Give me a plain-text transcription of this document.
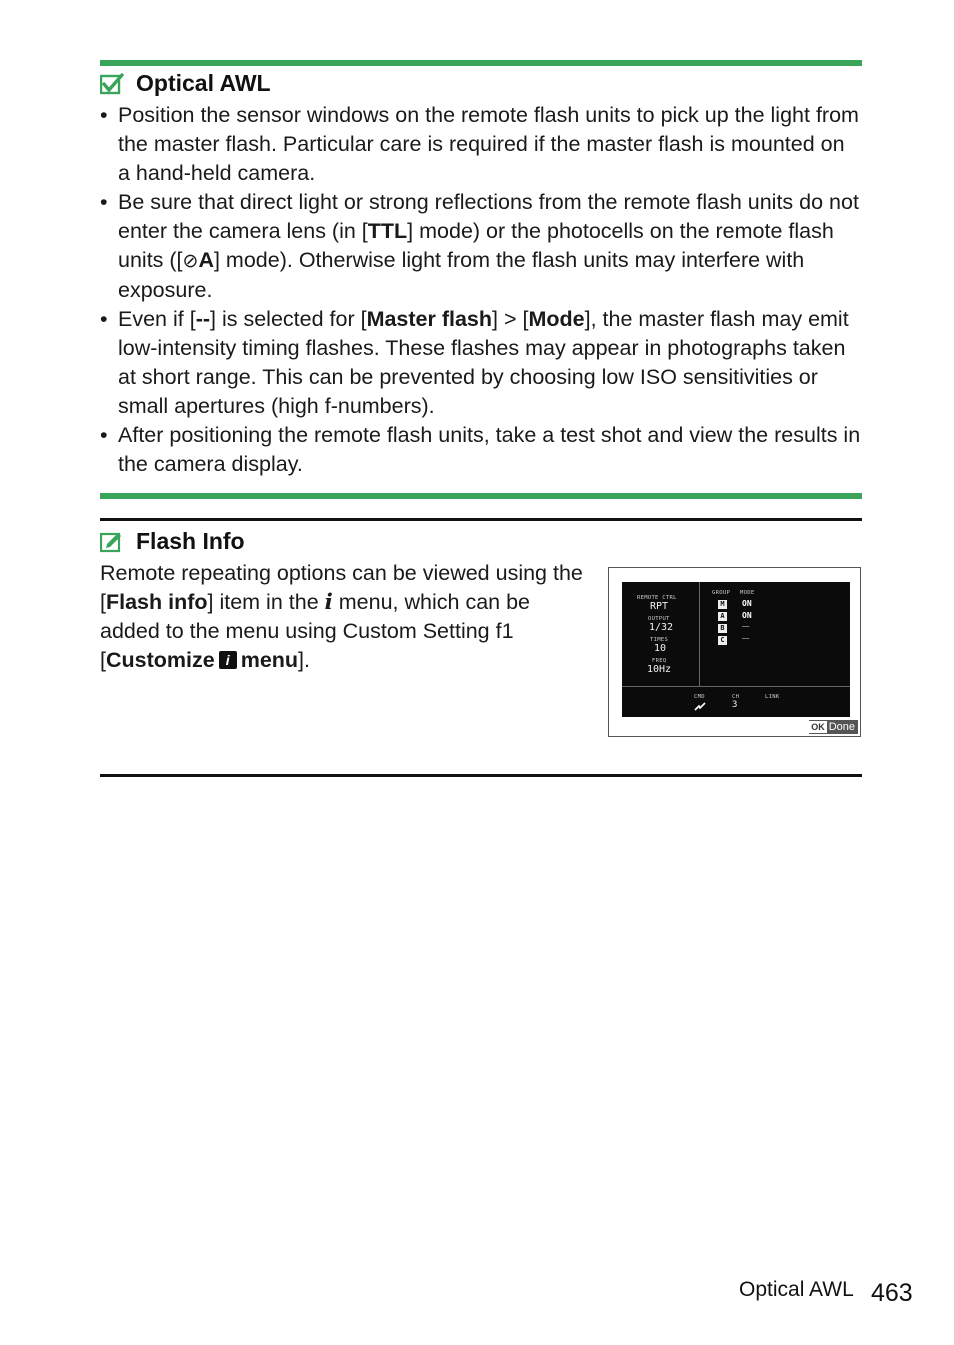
Optical AWL
• Position the sensor windows on the remote flash units to pick up the light from the master flash. Particular care is required if the master flash is mounted on a hand-held camera.
• Be sure that direct light or strong reflections from the remote flash units do not enter the camera lens (in [TTL] mode) or the photocells on the remote flash units ([⊘A] mode). Otherwise light from the flash units may interfere with exposure.
• Even if [--] is selected for [Master flash] > [Mode], the master flash may emit low-intensity timing flashes. These flashes may appear in photographs taken at short range. This can be prevented by choosing low ISO sensitivities or small apertures (high f-numbers).
• After positioning the remote flash units, take a test shot and view the results in the camera display.
Flash Info

Remote repeating options can be viewed using the [Flash info] item in the i menu, which can be added to the menu using Custom Setting f1 [Customize i menu].

REMOTE CTRL
RPT
OUTPUT
1/32
TIMES
10
FREQ
10Hz
GROUP MODE
M
A
B
C
ON
ON
——
——
CMD	CH
3
LINK
OK Done
Optical AWL 463
